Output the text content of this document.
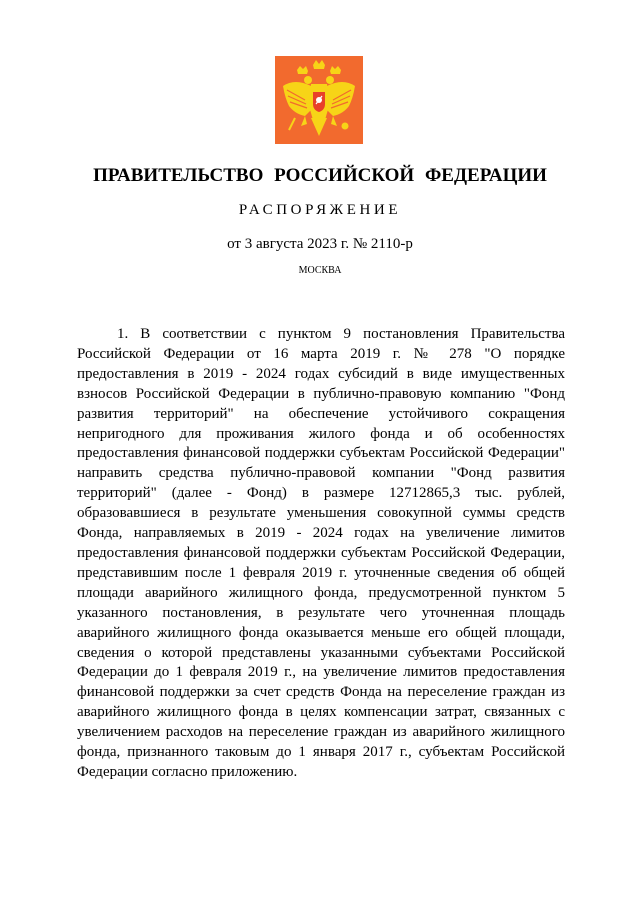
ПРАВИТЕЛЬСТВО РОССИЙСКОЙ ФЕДЕРАЦИИ
РАСПОРЯЖЕНИЕ
от 3 августа 2023 г. № 2110-р
МОСКВА

1. В соответствии с пунктом 9 постановления Правительства Российской Федерации от 16 марта 2019 г. № 278 "О порядке предоставления в 2019 - 2024 годах субсидий в виде имущественных взносов Российской Федерации в публично-правовую компанию "Фонд развития территорий" на обеспечение устойчивого сокращения непригодного для проживания жилого фонда и об особенностях предоставления финансовой поддержки субъектам Российской Федерации" направить средства публично-правовой компании "Фонд развития территорий" (далее - Фонд) в размере 12712865,3 тыс. рублей, образовавшиеся в результате уменьшения совокупной суммы средств Фонда, направляемых в 2019 - 2024 годах на увеличение лимитов предоставления финансовой поддержки субъектам Российской Федерации, представившим после 1 февраля 2019 г. уточненные сведения об общей площади аварийного жилищного фонда, предусмотренной пунктом 5 указанного постановления, в результате чего уточненная площадь аварийного жилищного фонда оказывается меньше его общей площади, сведения о которой представлены указанными субъектами Российской Федерации до 1 февраля 2019 г., на увеличение лимитов предоставления финансовой поддержки за счет средств Фонда на переселение граждан из аварийного жилищного фонда в целях компенсации затрат, связанных с увеличением расходов на переселение граждан из аварийного жилищного фонда, признанного таковым до 1 января 2017 г., субъектам Российской Федерации согласно приложению.
